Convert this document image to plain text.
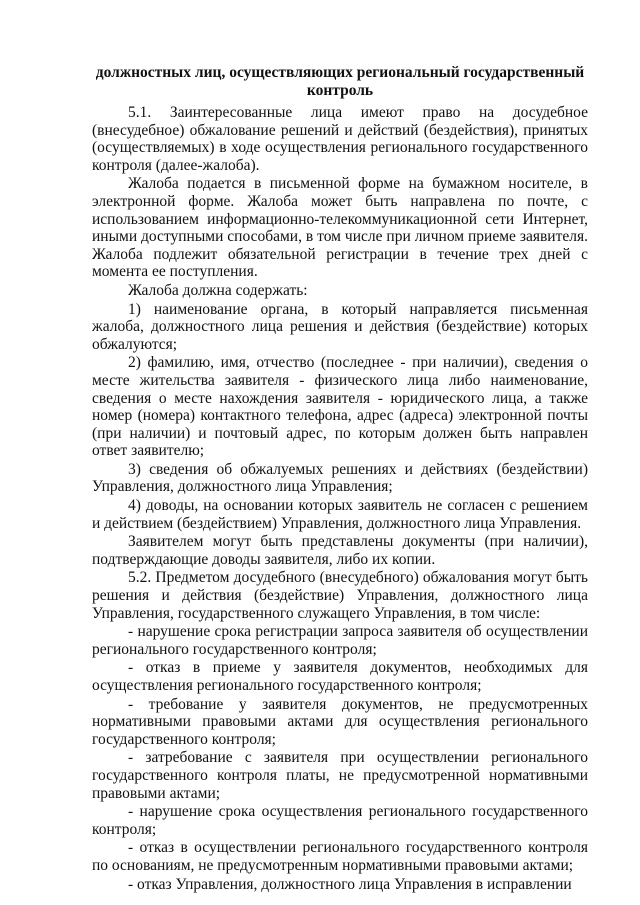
должностных лиц, осуществляющих региональный государственный контроль

5.1. Заинтересованные лица имеют право на досудебное (внесудебное) обжалование решений и действий (бездействия), принятых (осуществляемых) в ходе осуществления регионального государственного контроля (далее-жалоба).

Жалоба подается в письменной форме на бумажном носителе, в электронной форме. Жалоба может быть направлена по почте, с использованием информационно-телекоммуникационной сети Интернет, иными доступными способами, в том числе при личном приеме заявителя. Жалоба подлежит обязательной регистрации в течение трех дней с момента ее поступления.

Жалоба должна содержать:

1) наименование органа, в который направляется письменная жалоба, должностного лица решения и действия (бездействие) которых обжалуются;

2) фамилию, имя, отчество (последнее - при наличии), сведения о месте жительства заявителя - физического лица либо наименование, сведения о месте нахождения заявителя - юридического лица, а также номер (номера) контактного телефона, адрес (адреса) электронной почты (при наличии) и почтовый адрес, по которым должен быть направлен ответ заявителю;

3) сведения об обжалуемых решениях и действиях (бездействии) Управления, должностного лица Управления;

4) доводы, на основании которых заявитель не согласен с решением и действием (бездействием) Управления, должностного лица Управления.

Заявителем могут быть представлены документы (при наличии), подтверждающие доводы заявителя, либо их копии.

5.2. Предметом досудебного (внесудебного) обжалования могут быть решения и действия (бездействие) Управления, должностного лица Управления, государственного служащего Управления, в том числе:

- нарушение срока регистрации запроса заявителя об осуществлении регионального государственного контроля;

- отказ в приеме у заявителя документов, необходимых для осуществления регионального государственного контроля;

- требование у заявителя документов, не предусмотренных нормативными правовыми актами для осуществления регионального государственного контроля;

- затребование с заявителя при осуществлении регионального государственного контроля платы, не предусмотренной нормативными правовыми актами;

- нарушение срока осуществления регионального государственного контроля;

- отказ в осуществлении регионального государственного контроля по основаниям, не предусмотренным нормативными правовыми актами;

- отказ Управления, должностного лица Управления в исправлении
